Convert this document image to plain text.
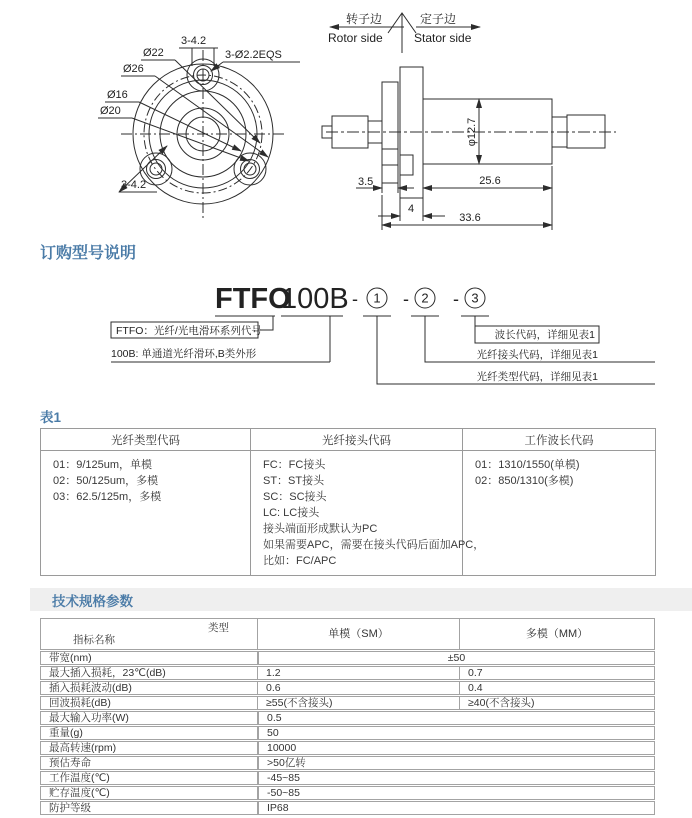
3-4.2
3-Ø2.2EQS
Ø22
Ø26
Ø16
Ø20
3-4.2
转子边
Rotor side
定子边
Stator side
φ12.7
3.5
4
25.6
33.6
订购型号说明
FTFO
100B -	- -
1	2	3
FTFO：光纤/光电滑环系列代号
100B: 单通道光纤滑环,B类外形
波长代码，详细见表1
光纤接头代码，详细见表1
光纤类型代码，详细见表1
表1
光纤类型代码	光纤接头代码	工作波长代码

01：9/125um，单模
02：50/125um，多模
03：62.5/125m，多模

FC：FC接头
ST：ST接头
SC：SC接头
LC: LC接头
接头端面形成默认为PC
如果需要APC，需要在接头代码后面加APC，
比如：FC/APC

01：1310/1550(单模)
02：850/1310(多模)
技术规格参数
类型
指标名称	单模（SM）	多模（MM）
带宽(nm)	±50	
最大插入损耗，23℃(dB)	1.2	0.7
插入损耗波动(dB)	0.6	0.4
回波损耗(dB)	≥55(不含接头)	≥40(不含接头)
最大输入功率(W)	0.5	
重量(g)	50	
最高转速(rpm)	10000	
预估寿命	>50亿转	
工作温度(℃)	-45~85	
贮存温度(℃)	-50~85	
防护等级	IP68	
